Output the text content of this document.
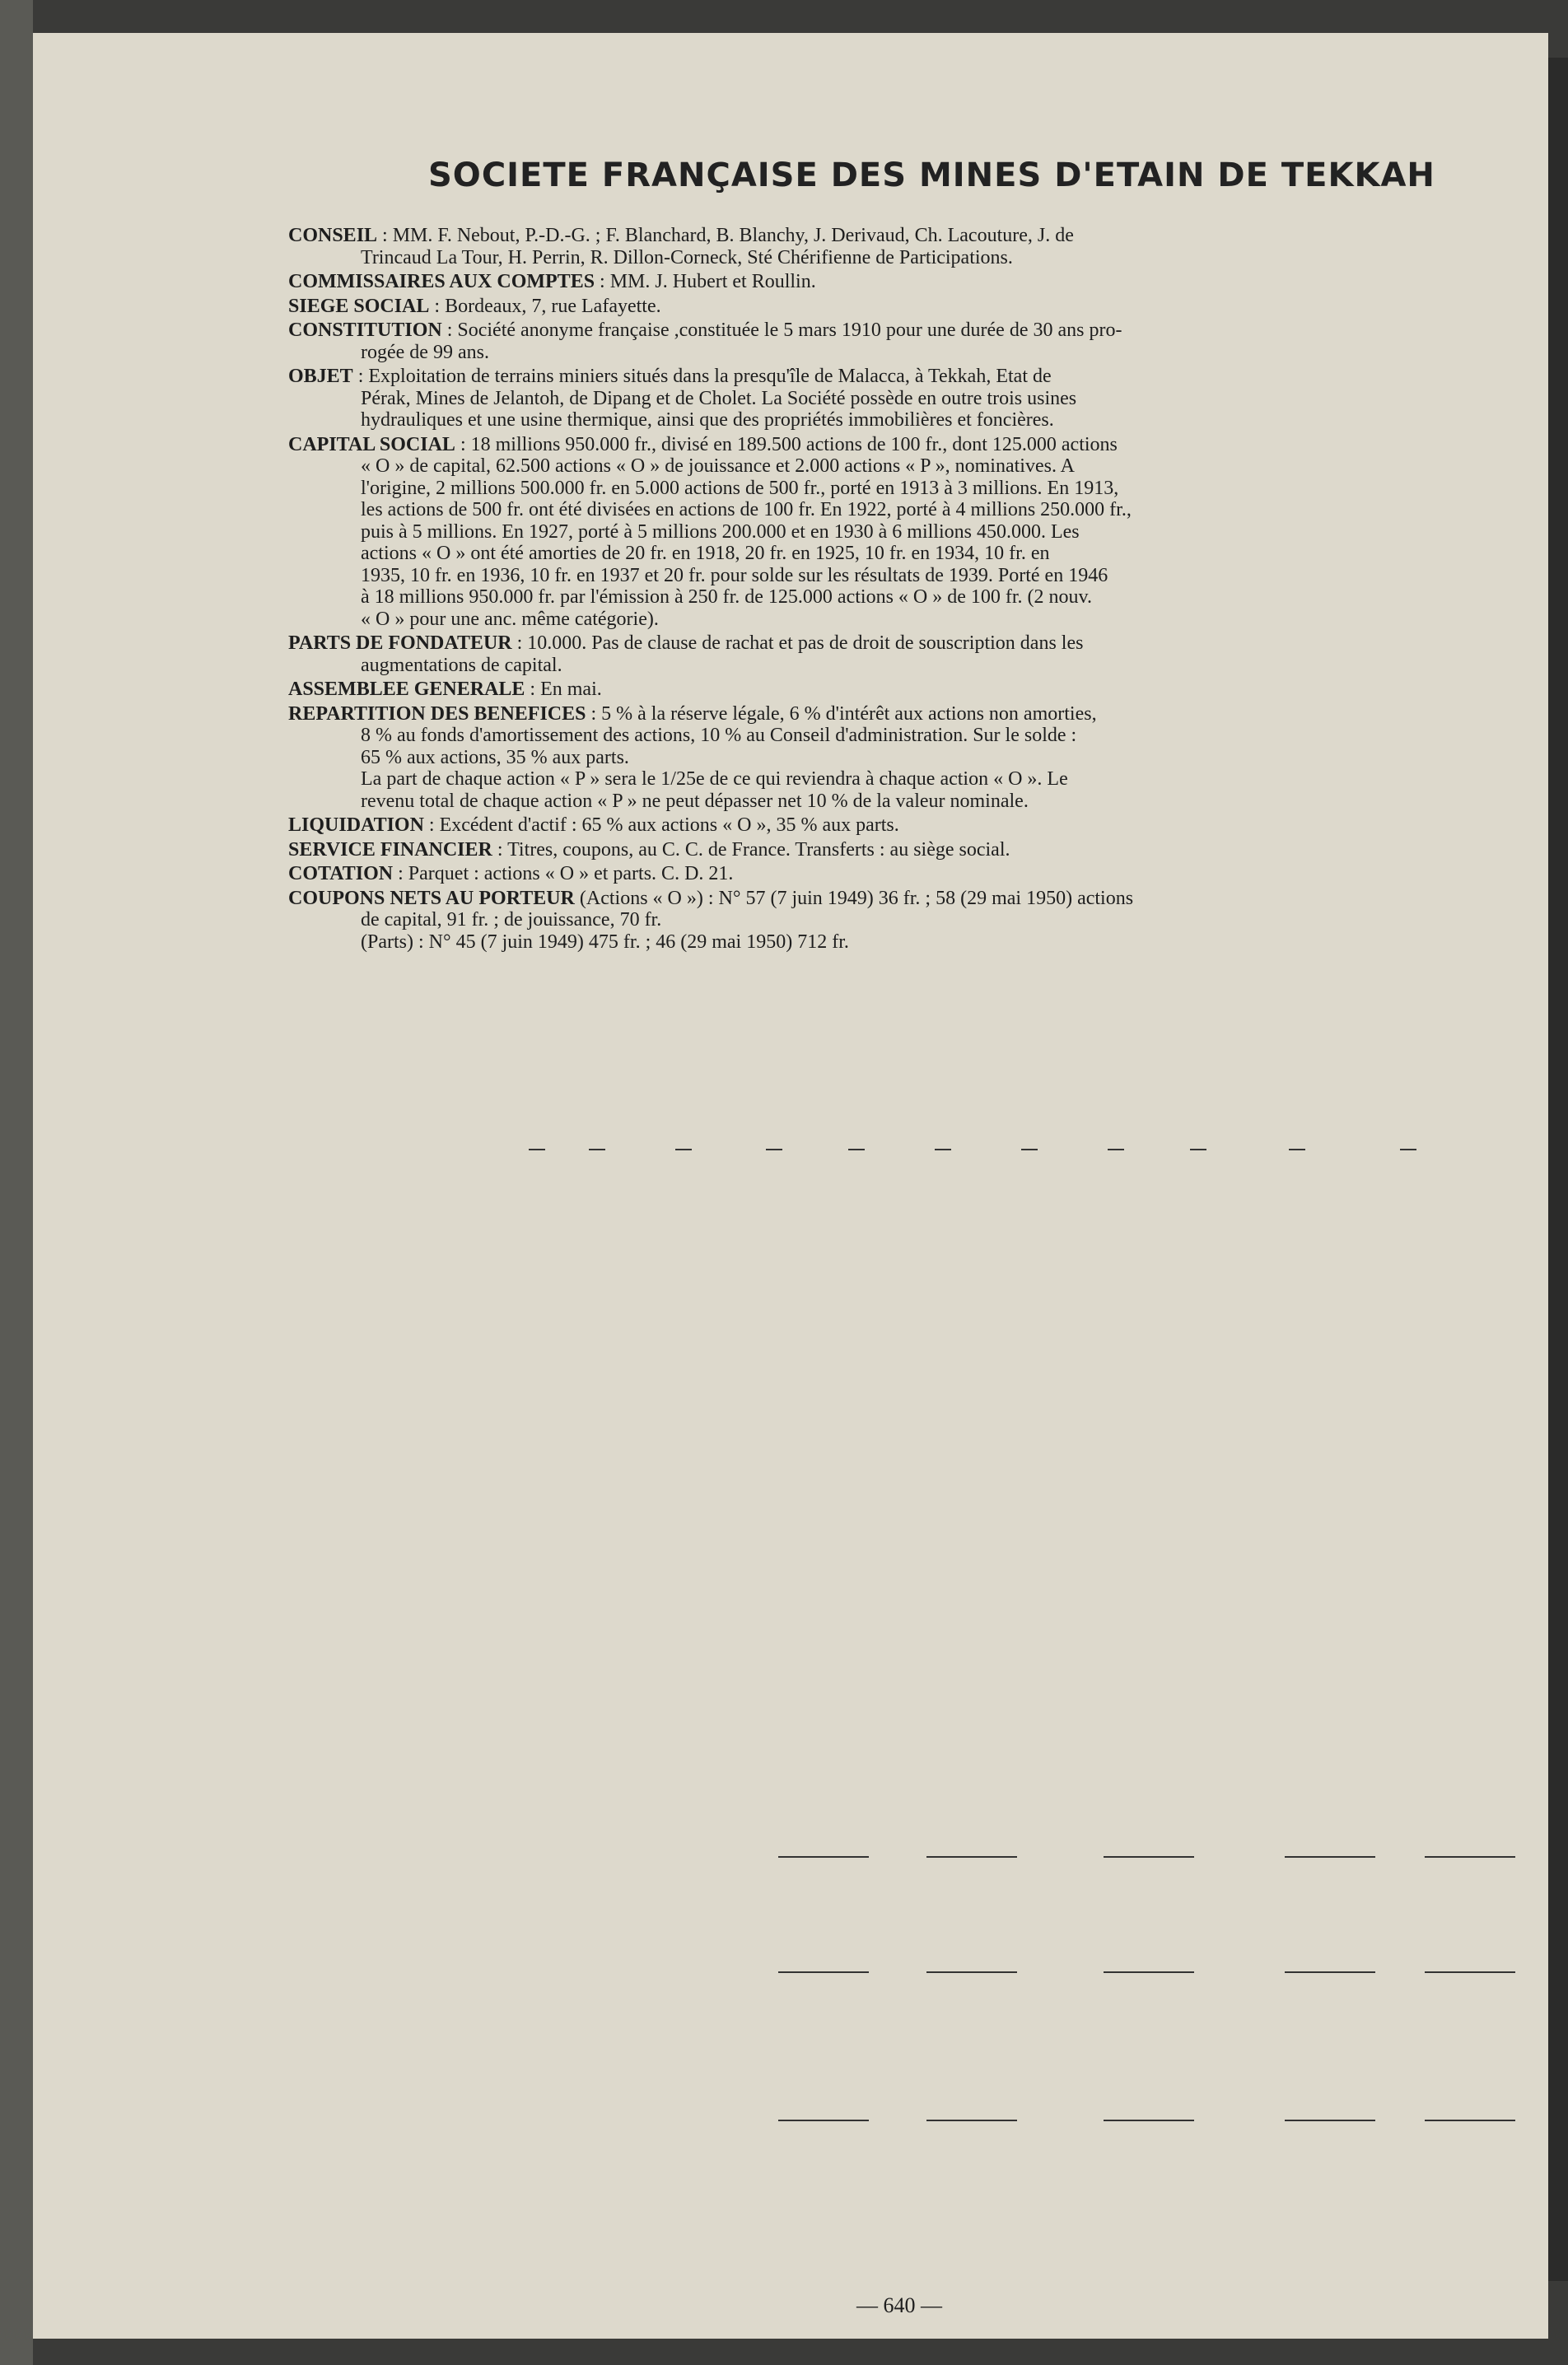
SOCIETE FRANÇAISE DES MINES D'ETAIN DE TEKKAH

CONSEIL : MM. F. Nebout, P.-D.-G. ; F. Blanchard, B. Blanchy, J. Derivaud, Ch. Lacouture, J. de

Trincaud La Tour, H. Perrin, R. Dillon-Corneck, Sté Chérifienne de Participations.

COMMISSAIRES AUX COMPTES : MM. J. Hubert et Roullin.

SIEGE SOCIAL : Bordeaux, 7, rue Lafayette.

CONSTITUTION : Société anonyme française ,constituée le 5 mars 1910 pour une durée de 30 ans pro-

rogée de 99 ans.

OBJET : Exploitation de terrains miniers situés dans la presqu'île de Malacca, à Tekkah, Etat de

Pérak, Mines de Jelantoh, de Dipang et de Cholet. La Société possède en outre trois usines

hydrauliques et une usine thermique, ainsi que des propriétés immobilières et foncières.

CAPITAL SOCIAL : 18 millions 950.000 fr., divisé en 189.500 actions de 100 fr., dont 125.000 actions

« O » de capital, 62.500 actions « O » de jouissance et 2.000 actions « P », nominatives. A

l'origine, 2 millions 500.000 fr. en 5.000 actions de 500 fr., porté en 1913 à 3 millions. En 1913,

les actions de 500 fr. ont été divisées en actions de 100 fr. En 1922, porté à 4 millions 250.000 fr.,

puis à 5 millions. En 1927, porté à 5 millions 200.000 et en 1930 à 6 millions 450.000. Les

actions « O » ont été amorties de 20 fr. en 1918, 20 fr. en 1925, 10 fr. en 1934, 10 fr. en

1935, 10 fr. en 1936, 10 fr. en 1937 et 20 fr. pour solde sur les résultats de 1939. Porté en 1946

à 18 millions 950.000 fr. par l'émission à 250 fr. de 125.000 actions « O » de 100 fr. (2 nouv.

« O » pour une anc. même catégorie).

PARTS DE FONDATEUR : 10.000. Pas de clause de rachat et pas de droit de souscription dans les

augmentations de capital.

ASSEMBLEE GENERALE : En mai.

REPARTITION DES BENEFICES : 5 % à la réserve légale, 6 % d'intérêt aux actions non amorties,

8 % au fonds d'amortissement des actions, 10 % au Conseil d'administration. Sur le solde :

65 % aux actions, 35 % aux parts.

La part de chaque action « P » sera le 1/25e de ce qui reviendra à chaque action « O ». Le

revenu total de chaque action « P » ne peut dépasser net 10 % de la valeur nominale.

LIQUIDATION : Excédent d'actif : 65 % aux actions « O », 35 % aux parts.

SERVICE FINANCIER : Titres, coupons, au C. C. de France. Transferts : au siège social.

COTATION : Parquet : actions « O » et parts. C. D. 21.

COUPONS NETS AU PORTEUR (Actions « O ») : N° 57 (7 juin 1949) 36 fr. ; 58 (29 mai 1950) actions

de capital, 91 fr. ; de jouissance, 70 fr.

(Parts) : N° 45 (7 juin 1949) 475 fr. ; 46 (29 mai 1950) 712 fr.

— 640 —
